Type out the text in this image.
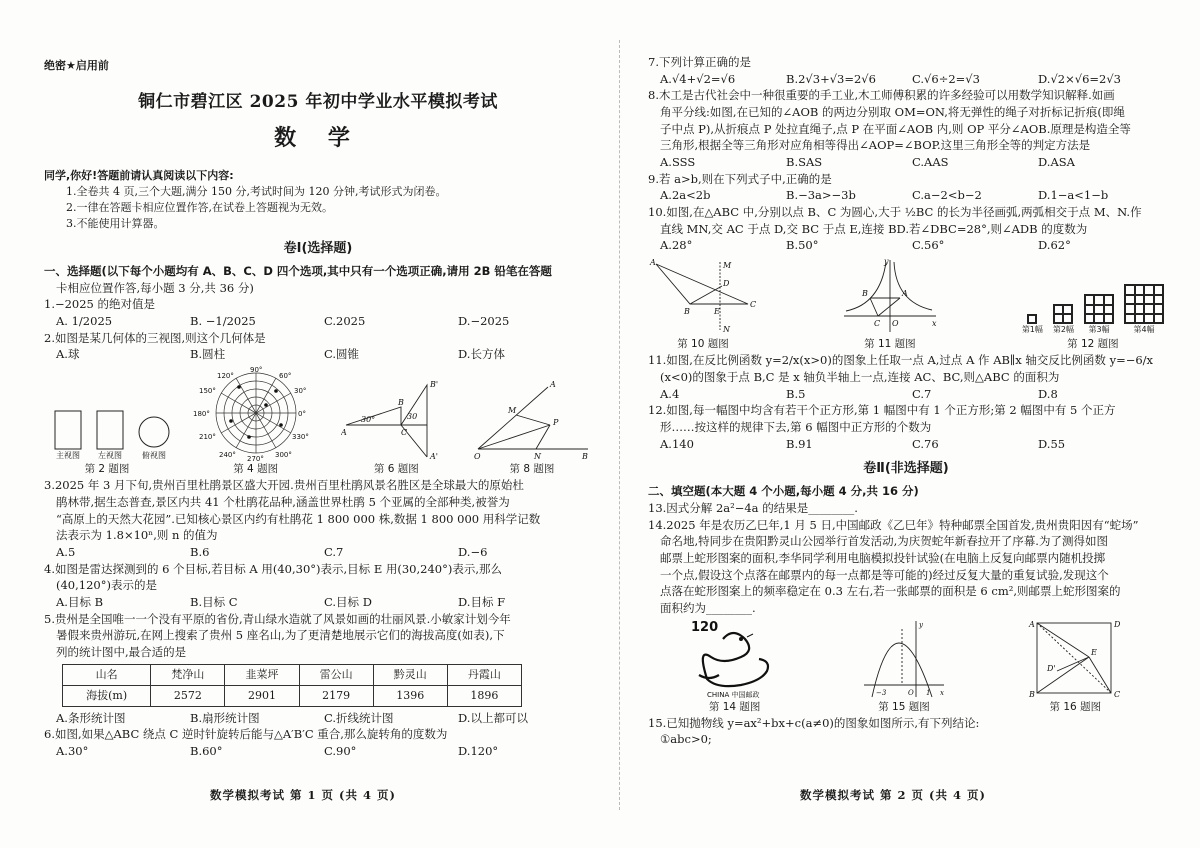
绝密★启用前
铜仁市碧江区 2025 年初中学业水平模拟考试
数 学
同学,你好!答题前请认真阅读以下内容:
1.全卷共 4 页,三个大题,满分 150 分,考试时间为 120 分钟,考试形式为闭卷。
2.一律在答题卡相应位置作答,在试卷上答题视为无效。
3.不能使用计算器。
卷Ⅰ(选择题)
一、选择题(以下每个小题均有 A、B、C、D 四个选项,其中只有一个选项正确,请用 2B 铅笔在答题
卡相应位置作答,每小题 3 分,共 36 分)
1.−2025 的绝对值是
A. 1/2025	B. −1/2025	C.2025	D.−2025
2.如图是某几何体的三视图,则这个几何体是
A.球	B.圆柱	C.圆锥	D.长方体
主视图 左视图	俯视图
第 2 题图
90°
60°
30°
0°
330°
300°
270°
240°
210°
180°
150°
120°
第 4 题图
30°	30
A
B
C
A'
B'
第 6 题图
M
P
O	N
A
B
第 8 题图
3.2025 年 3 月下旬,贵州百里杜鹃景区盛大开园.贵州百里杜鹃风景名胜区是全球最大的原始杜
鹃林带,据生态普查,景区内共 41 个杜鹃花品种,涵盖世界杜鹃 5 个亚属的全部种类,被誉为
“高原上的天然大花园”.已知核心景区内约有杜鹃花 1 800 000 株,数据 1 800 000 用科学记数
法表示为 1.8×10ⁿ,则 n 的值为
A.5	B.6	C.7	D.−6
4.如图是雷达探测到的 6 个目标,若目标 A 用(40,30°)表示,目标 E 用(30,240°)表示,那么
(40,120°)表示的是
A.目标 B	B.目标 C	C.目标 D	D.目标 F
5.贵州是全国唯一一个没有平原的省份,青山绿水造就了风景如画的壮丽风景.小敏家计划今年
暑假来贵州游玩,在网上搜索了贵州 5 座名山,为了更清楚地展示它们的海拔高度(如表),下
列的统计图中,最合适的是
山名	梵净山	韭菜坪	雷公山	黔灵山	丹霞山
海拔(m)	2572	2901	2179	1396	1896
A.条形统计图	B.扇形统计图	C.折线统计图	D.以上都可以
6.如图,如果△ABC 绕点 C 逆时针旋转后能与△A′B′C 重合,那么旋转角的度数为
A.30°	B.60°	C.90°	D.120°
数学模拟考试 第 1 页 (共 4 页)
7.下列计算正确的是
A.√4+√2=√6	B.2√3+√3=2√6	C.√6÷2=√3	D.√2×√6=2√3
8.木工是古代社会中一种很重要的手工业,木工师傅积累的许多经验可以用数学知识解释.如画
角平分线:如图,在已知的∠AOB 的两边分别取 OM=ON,将无弹性的绳子对折标记折痕(即绳
子中点 P),从折痕点 P 处拉直绳子,点 P 在平面∠AOB 内,则 OP 平分∠AOB.原理是构造全等
三角形,根据全等三角形对应角相等得出∠AOP=∠BOP.这里三角形全等的判定方法是
A.SSS	B.SAS	C.AAS	D.ASA
9.若 a>b,则在下列式子中,正确的是
A.2a<2b	B.−3a>−3b	C.a−2<b−2	D.1−a<1−b
10.如图,在△ABC 中,分别以点 B、C 为圆心,大于 ½BC 的长为半径画弧,两弧相交于点 M、N.作
直线 MN,交 AC 于点 D,交 BC 于点 E,连接 BD.若∠DBC=28°,则∠ADB 的度数为
A.28°	B.50°	C.56°	D.62°
A
B
C
D
E
M
N
第 10 题图
y
x
O
A
B
C
第 11 题图
第1幅 第2幅 第3幅	第4幅
第 12 题图
11.如图,在反比例函数 y=2/x(x>0)的图象上任取一点 A,过点 A 作 AB∥x 轴交反比例函数 y=−6/x
(x<0)的图象于点 B,C 是 x 轴负半轴上一点,连接 AC、BC,则△ABC 的面积为
A.4	B.5	C.7	D.8
12.如图,每一幅图中均含有若干个正方形,第 1 幅图中有 1 个正方形;第 2 幅图中有 5 个正方
形……按这样的规律下去,第 6 幅图中正方形的个数为
A.140	B.91	C.76	D.55
卷Ⅱ(非选择题)
二、填空题(本大题 4 个小题,每小题 4 分,共 16 分)
13.因式分解 2a²−4a 的结果是________.
14.2025 年是农历乙巳年,1 月 5 日,中国邮政《乙巳年》特种邮票全国首发,贵州贵阳因有“蛇场”
命名地,特同步在贵阳黔灵山公园举行首发活动,为庆贺蛇年新春拉开了序幕.为了测得如图
邮票上蛇形图案的面积,李华同学利用电脑模拟投针试验(在电脑上反复向邮票内随机投掷
一个点,假设这个点落在邮票内的每一点都是等可能的)经过反复大量的重复试验,发现这个
点落在蛇形图案上的频率稳定在 0.3 左右,若一张邮票的面积是 6 cm²,则邮票上蛇形图案的
面积约为________.
120
CHINA 中国邮政
第 14 题图
y
x
−3	O 1
第 15 题图
A
B	C
D
E
D'
第 16 题图
15.已知抛物线 y=ax²+bx+c(a≠0)的图象如图所示,有下列结论:
①abc>0;
数学模拟考试 第 2 页 (共 4 页)
